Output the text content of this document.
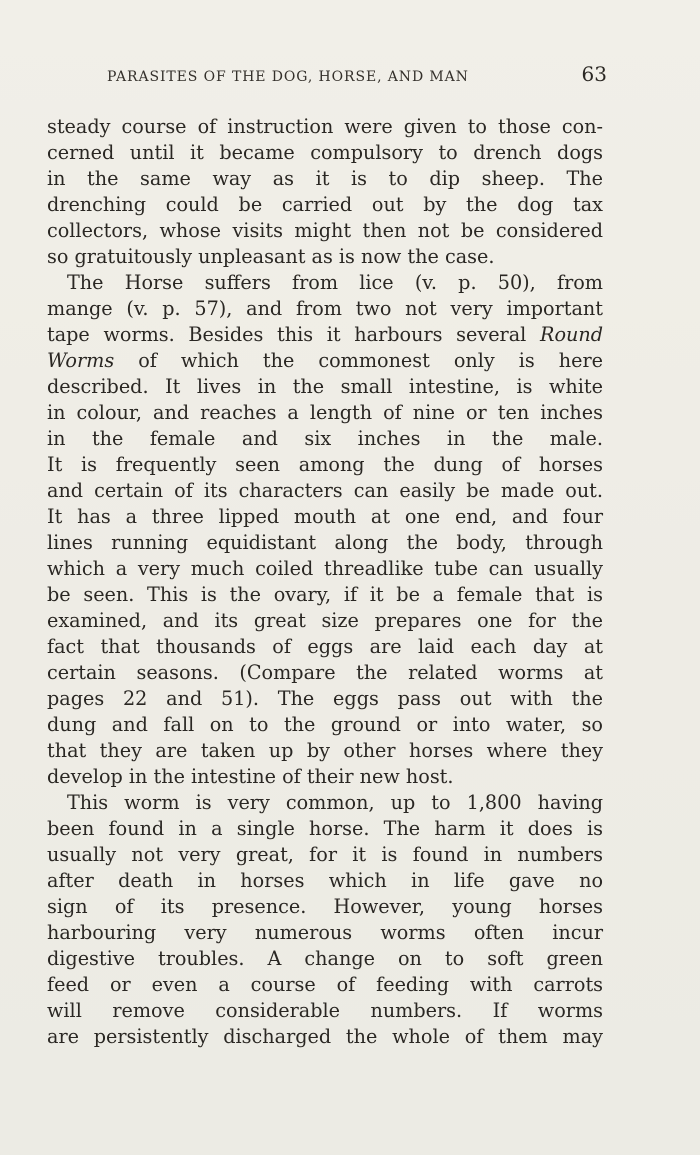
PARASITES OF THE DOG, HORSE, AND MAN	63

steady course of instruction were given to those con-
cerned until it became compulsory to drench dogs
in the same way as it is to dip sheep. The
drenching could be carried out by the dog tax
collectors, whose visits might then not be considered
so gratuitously unpleasant as is now the case.

The Horse suffers from lice (v. p. 50), from
mange (v. p. 57), and from two not very important
tape worms. Besides this it harbours several Round
Worms of which the commonest only is here
described. It lives in the small intestine, is white
in colour, and reaches a length of nine or ten inches
in the female and six inches in the male.
It is frequently seen among the dung of horses
and certain of its characters can easily be made out.
It has a three lipped mouth at one end, and four
lines running equidistant along the body, through
which a very much coiled threadlike tube can usually
be seen. This is the ovary, if it be a female that is
examined, and its great size prepares one for the
fact that thousands of eggs are laid each day at
certain seasons. (Compare the related worms at
pages 22 and 51). The eggs pass out with the
dung and fall on to the ground or into water, so
that they are taken up by other horses where they
develop in the intestine of their new host.

This worm is very common, up to 1,800 having
been found in a single horse. The harm it does is
usually not very great, for it is found in numbers
after death in horses which in life gave no
sign of its presence. However, young horses
harbouring very numerous worms often incur
digestive troubles. A change on to soft green
feed or even a course of feeding with carrots
will remove considerable numbers. If worms
are persistently discharged the whole of them may
